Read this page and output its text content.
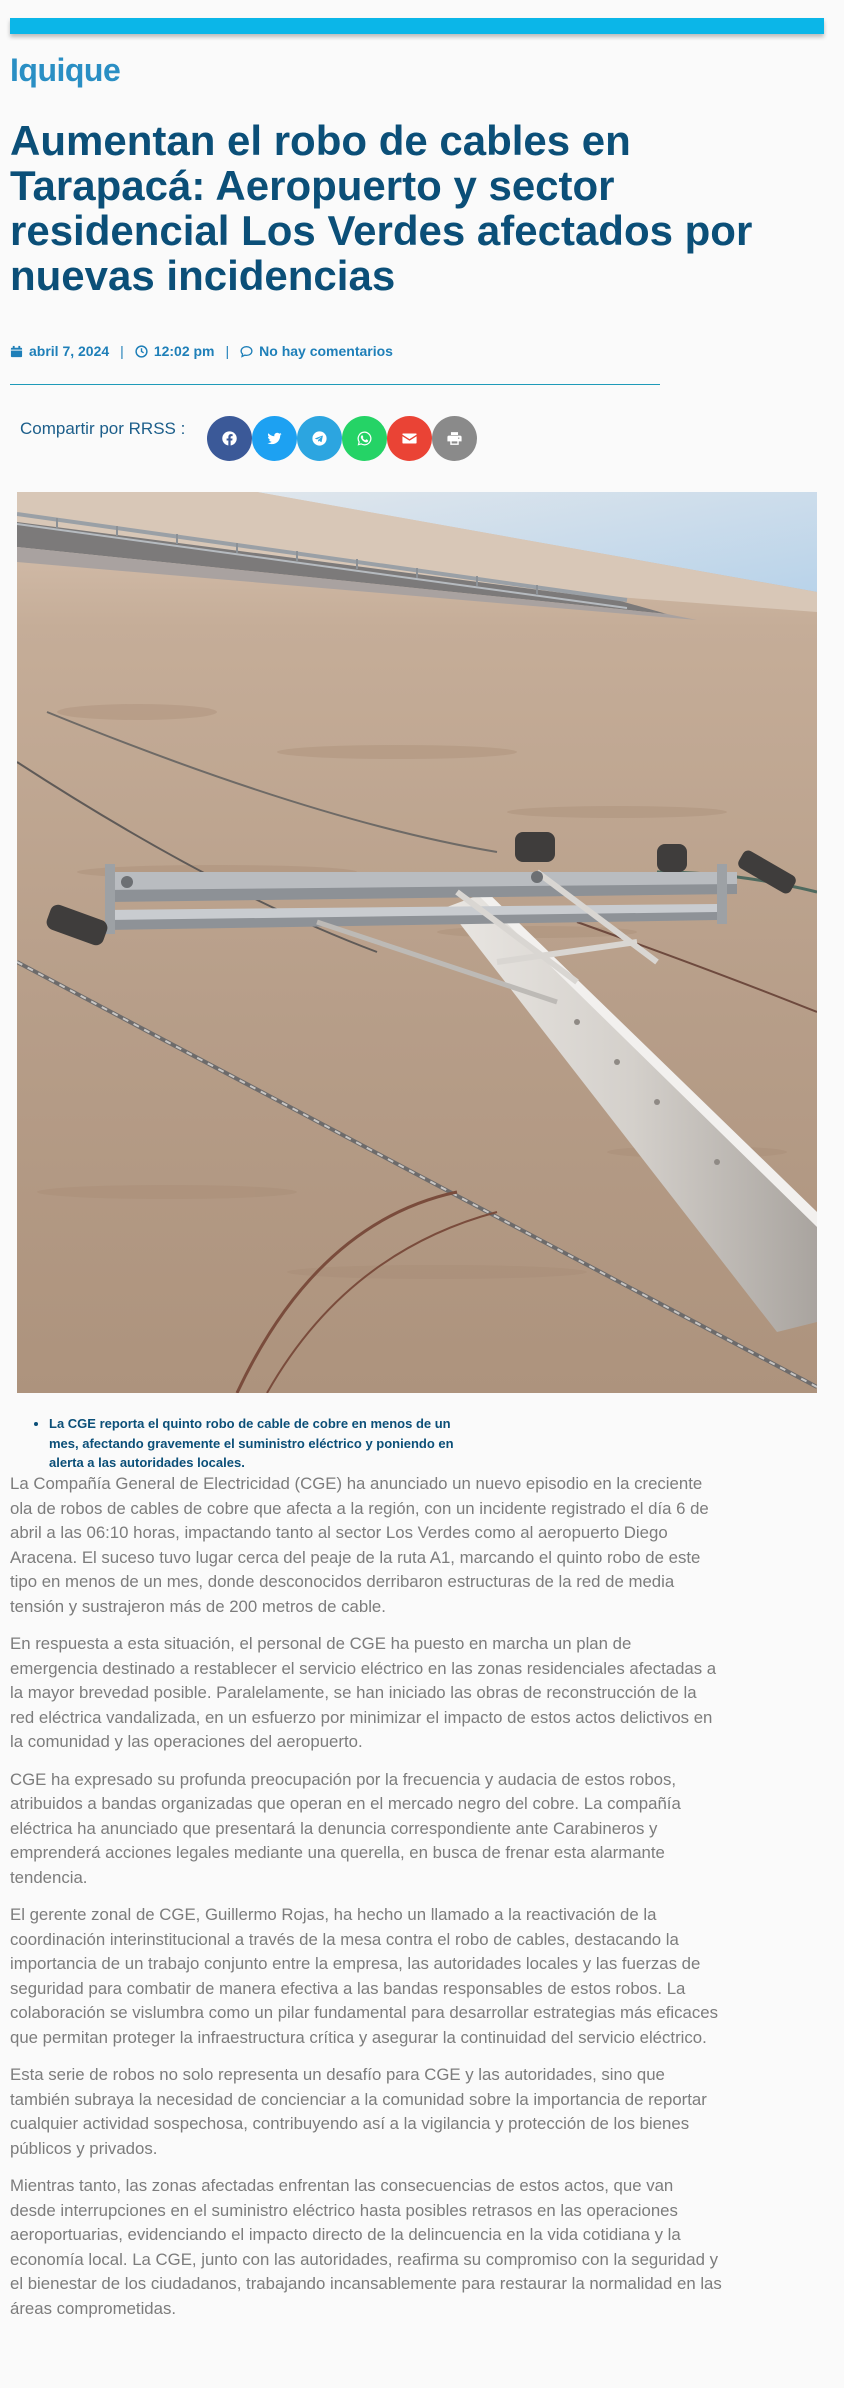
Iquique
Aumentan el robo de cables en Tarapacá: Aeropuerto y sector residencial Los Verdes afectados por nuevas incidencias
abril 7, 2024 | 12:02 pm | No hay comentarios
Compartir por RRSS :
• La CGE reporta el quinto robo de cable de cobre en menos de un mes, afectando gravemente el suministro eléctrico y poniendo en alerta a las autoridades locales.

La Compañía General de Electricidad (CGE) ha anunciado un nuevo episodio en la creciente ola de robos de cables de cobre que afecta a la región, con un incidente registrado el día 6 de abril a las 06:10 horas, impactando tanto al sector Los Verdes como al aeropuerto Diego Aracena. El suceso tuvo lugar cerca del peaje de la ruta A1, marcando el quinto robo de este tipo en menos de un mes, donde desconocidos derribaron estructuras de la red de media tensión y sustrajeron más de 200 metros de cable.

En respuesta a esta situación, el personal de CGE ha puesto en marcha un plan de emergencia destinado a restablecer el servicio eléctrico en las zonas residenciales afectadas a la mayor brevedad posible. Paralelamente, se han iniciado las obras de reconstrucción de la red eléctrica vandalizada, en un esfuerzo por minimizar el impacto de estos actos delictivos en la comunidad y las operaciones del aeropuerto.

CGE ha expresado su profunda preocupación por la frecuencia y audacia de estos robos, atribuidos a bandas organizadas que operan en el mercado negro del cobre. La compañía eléctrica ha anunciado que presentará la denuncia correspondiente ante Carabineros y emprenderá acciones legales mediante una querella, en busca de frenar esta alarmante tendencia.

El gerente zonal de CGE, Guillermo Rojas, ha hecho un llamado a la reactivación de la coordinación interinstitucional a través de la mesa contra el robo de cables, destacando la importancia de un trabajo conjunto entre la empresa, las autoridades locales y las fuerzas de seguridad para combatir de manera efectiva a las bandas responsables de estos robos. La colaboración se vislumbra como un pilar fundamental para desarrollar estrategias más eficaces que permitan proteger la infraestructura crítica y asegurar la continuidad del servicio eléctrico.

Esta serie de robos no solo representa un desafío para CGE y las autoridades, sino que también subraya la necesidad de concienciar a la comunidad sobre la importancia de reportar cualquier actividad sospechosa, contribuyendo así a la vigilancia y protección de los bienes públicos y privados.

Mientras tanto, las zonas afectadas enfrentan las consecuencias de estos actos, que van desde interrupciones en el suministro eléctrico hasta posibles retrasos en las operaciones aeroportuarias, evidenciando el impacto directo de la delincuencia en la vida cotidiana y la economía local. La CGE, junto con las autoridades, reafirma su compromiso con la seguridad y el bienestar de los ciudadanos, trabajando incansablemente para restaurar la normalidad en las áreas comprometidas.
